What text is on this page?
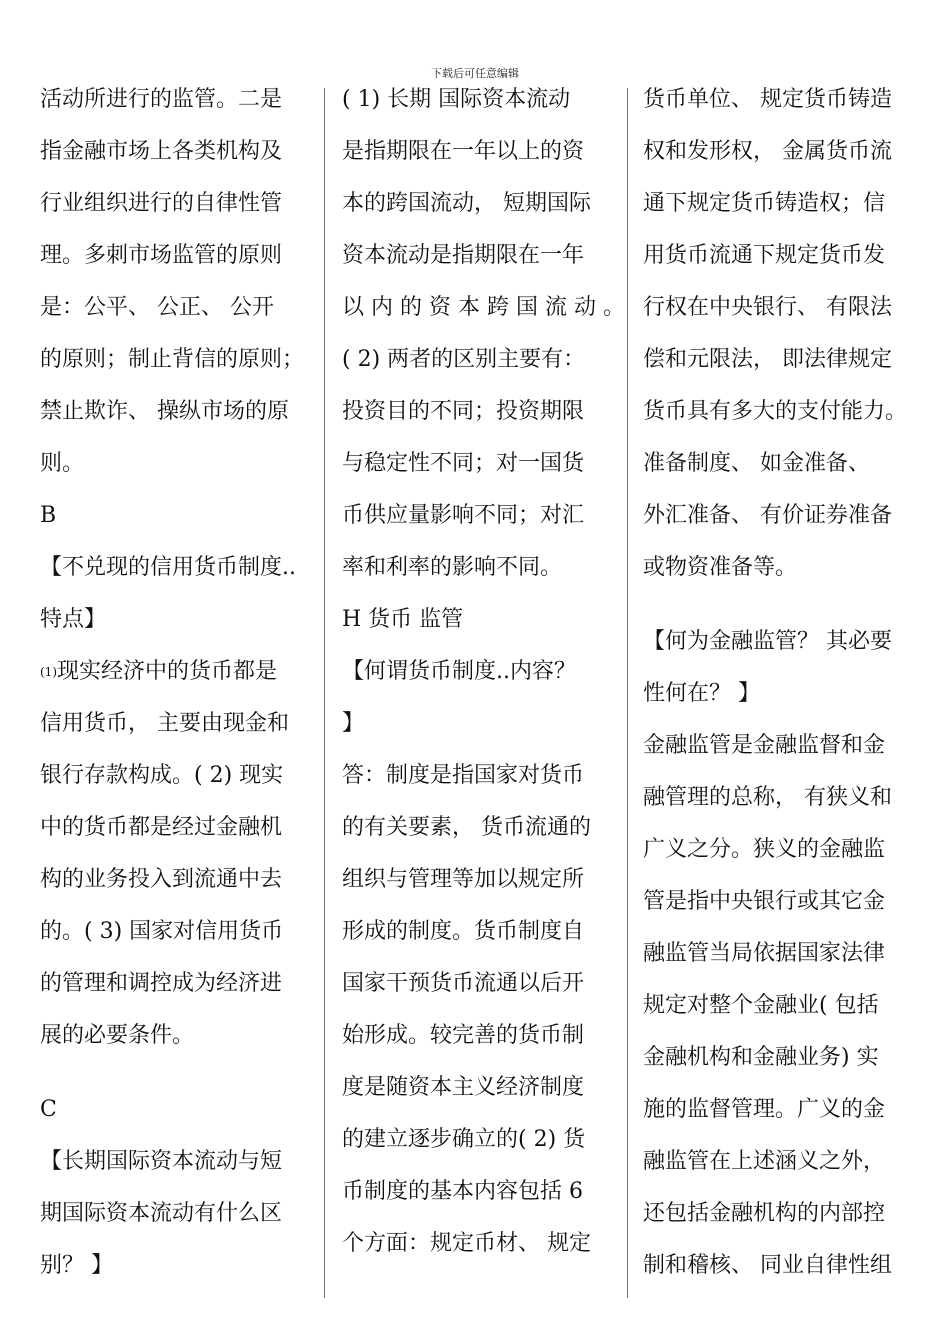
下载后可任意编辑
活动所进行的监管。二是
指金融市场上各类机构及
行业组织进行的自律性管
理。多刺市场监管的原则
是：公平、 公正、 公开
的原则；制止背信的原则；
禁止欺诈、 操纵市场的原
则。
B
【不兑现的信用货币制度..
特点】
(1)现实经济中的货币都是
信用货币， 主要由现金和
银行存款构成。( 2) 现实
中的货币都是经过金融机
构的业务投入到流通中去
的。( 3) 国家对信用货币
的管理和调控成为经济进
展的必要条件。
C
【长期国际资本流动与短
期国际资本流动有什么区
别？ 】
( 1) 长期 国际资本流动
是指期限在一年以上的资
本的跨国流动， 短期国际
资本流动是指期限在一年
以 内 的 资 本 跨 国 流 动 。
( 2) 两者的区别主要有：
投资目的不同；投资期限
与稳定性不同；对一国货
币供应量影响不同；对汇
率和利率的影响不同。
H 货币 监管
【何谓货币制度..内容？
】
答：制度是指国家对货币
的有关要素， 货币流通的
组织与管理等加以规定所
形成的制度。货币制度自
国家干预货币流通以后开
始形成。较完善的货币制
度是随资本主义经济制度
的建立逐步确立的( 2) 货
币制度的基本内容包括 6
个方面：规定币材、 规定
货币单位、 规定货币铸造
权和发形权， 金属货币流
通下规定货币铸造权；信
用货币流通下规定货币发
行权在中央银行、 有限法
偿和元限法， 即法律规定
货币具有多大的支付能力。
准备制度、 如金准备、
外汇准备、 有价证券准备
或物资准备等。
【何为金融监管？ 其必要
性何在？ 】
金融监管是金融监督和金
融管理的总称， 有狭义和
广义之分。狭义的金融监
管是指中央银行或其它金
融监管当局依据国家法律
规定对整个金融业( 包括
金融机构和金融业务) 实
施的监督管理。广义的金
融监管在上述涵义之外，
还包括金融机构的内部控
制和稽核、 同业自律性组
